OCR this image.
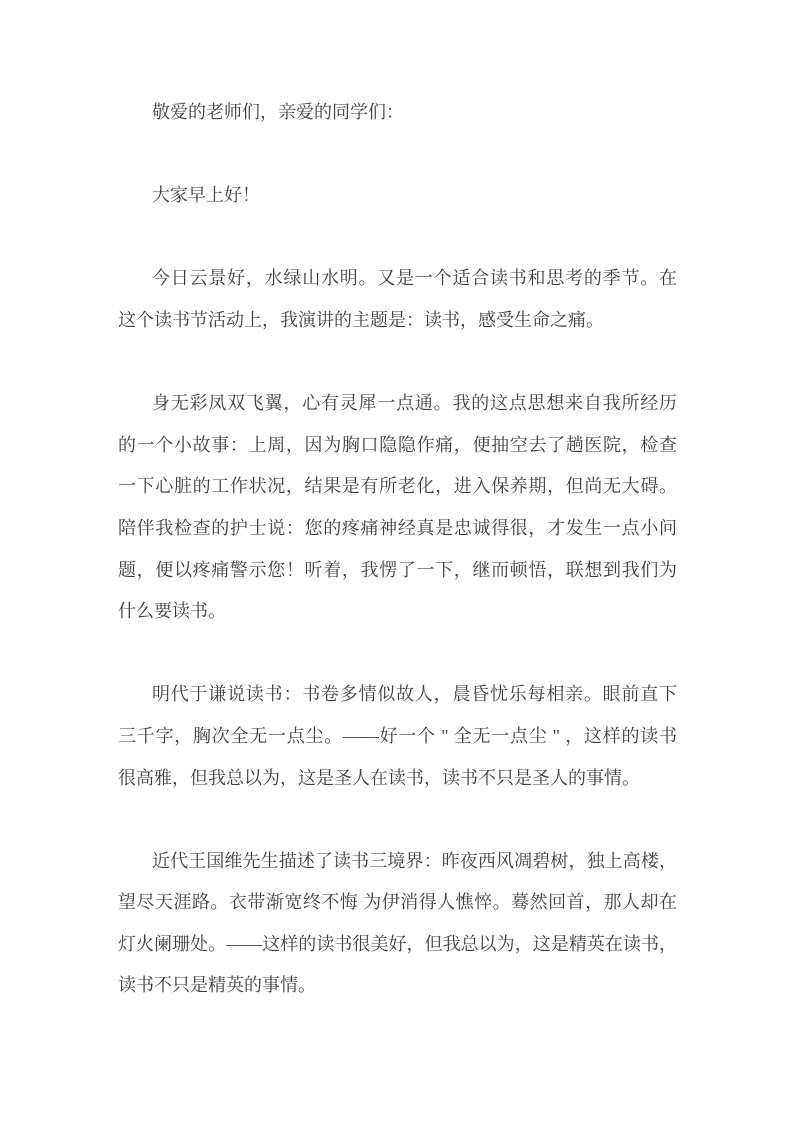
敬爱的老师们，亲爱的同学们：

大家早上好！

今日云景好，水绿山水明。又是一个适合读书和思考的季节。在
这个读书节活动上，我演讲的主题是：读书，感受生命之痛。

身无彩凤双飞翼，心有灵犀一点通。我的这点思想来自我所经历
的一个小故事：上周，因为胸口隐隐作痛，便抽空去了趟医院，检查
一下心脏的工作状况，结果是有所老化，进入保养期，但尚无大碍。
陪伴我检查的护士说：您的疼痛神经真是忠诚得很，才发生一点小问
题，便以疼痛警示您！听着，我愣了一下，继而顿悟，联想到我们为
什么要读书。

明代于谦说读书：书卷多情似故人，晨昏忧乐每相亲。眼前直下
三千字，胸次全无一点尘。——好一个 " 全无一点尘 " ，这样的读书
很高雅，但我总以为，这是圣人在读书，读书不只是圣人的事情。

近代王国维先生描述了读书三境界：昨夜西风凋碧树，独上高楼，
望尽天涯路。衣带渐宽终不悔 为伊消得人憔悴。蓦然回首，那人却在
灯火阑珊处。——这样的读书很美好，但我总以为，这是精英在读书，
读书不只是精英的事情。
